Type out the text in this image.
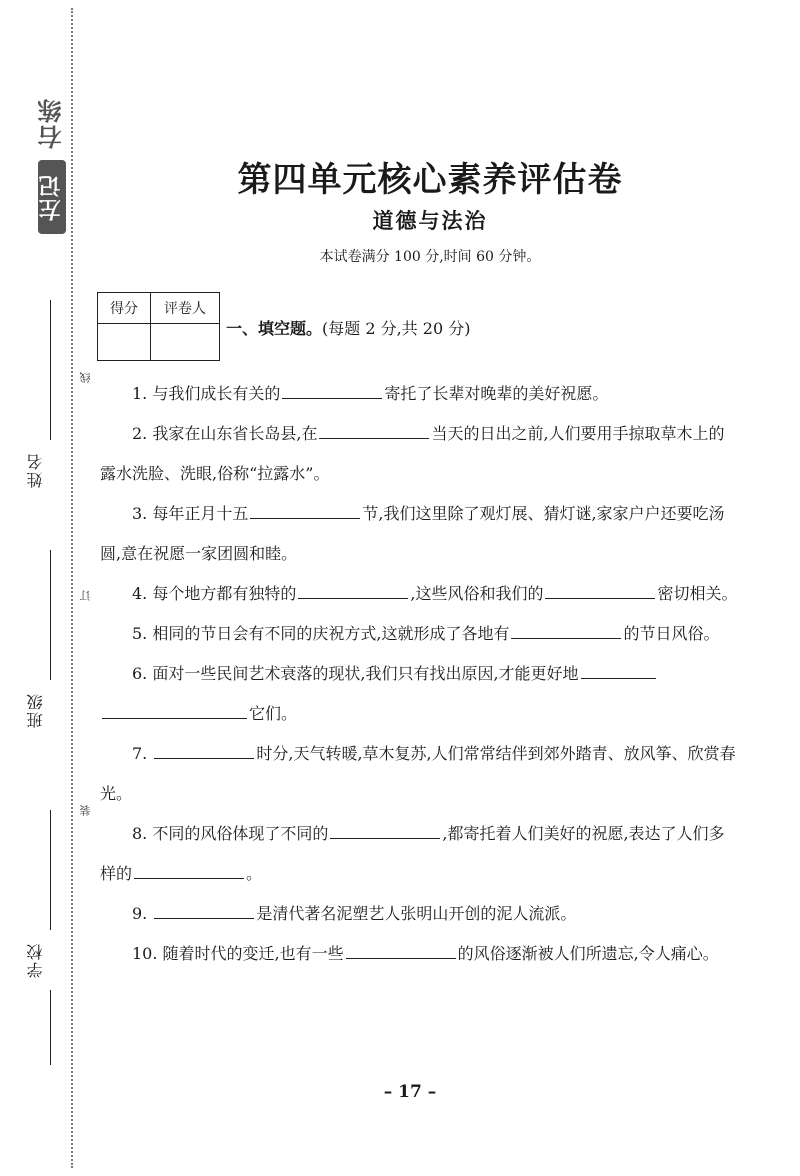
右练
左记
姓名
班级
学校
线
订
装
第四单元核心素养评估卷
道德与法治
本试卷满分 100 分,时间 60 分钟。
得分	评卷人

一、填空题。(每题 2 分,共 20 分)

1. 与我们成长有关的	寄托了长辈对晚辈的美好祝愿。

2. 我家在山东省长岛县,在	当天的日出之前,人们要用手掠取草木上的露水洗脸、洗眼,俗称“拉露水”。

3. 每年正月十五	节,我们这里除了观灯展、猜灯谜,家家户户还要吃汤圆,意在祝愿一家团圆和睦。

4. 每个地方都有独特的	,这些风俗和我们的	密切相关。

5. 相同的节日会有不同的庆祝方式,这就形成了各地有	的节日风俗。

6. 面对一些民间艺术衰落的现状,我们只有找出原因,才能更好地它们。

7.	时分,天气转暖,草木复苏,人们常常结伴到郊外踏青、放风筝、欣赏春光。

8. 不同的风俗体现了不同的	,都寄托着人们美好的祝愿,表达了人们多样的	。

9.	是清代著名泥塑艺人张明山开创的泥人流派。

10. 随着时代的变迁,也有一些	的风俗逐渐被人们所遗忘,令人痛心。

– 17 –
